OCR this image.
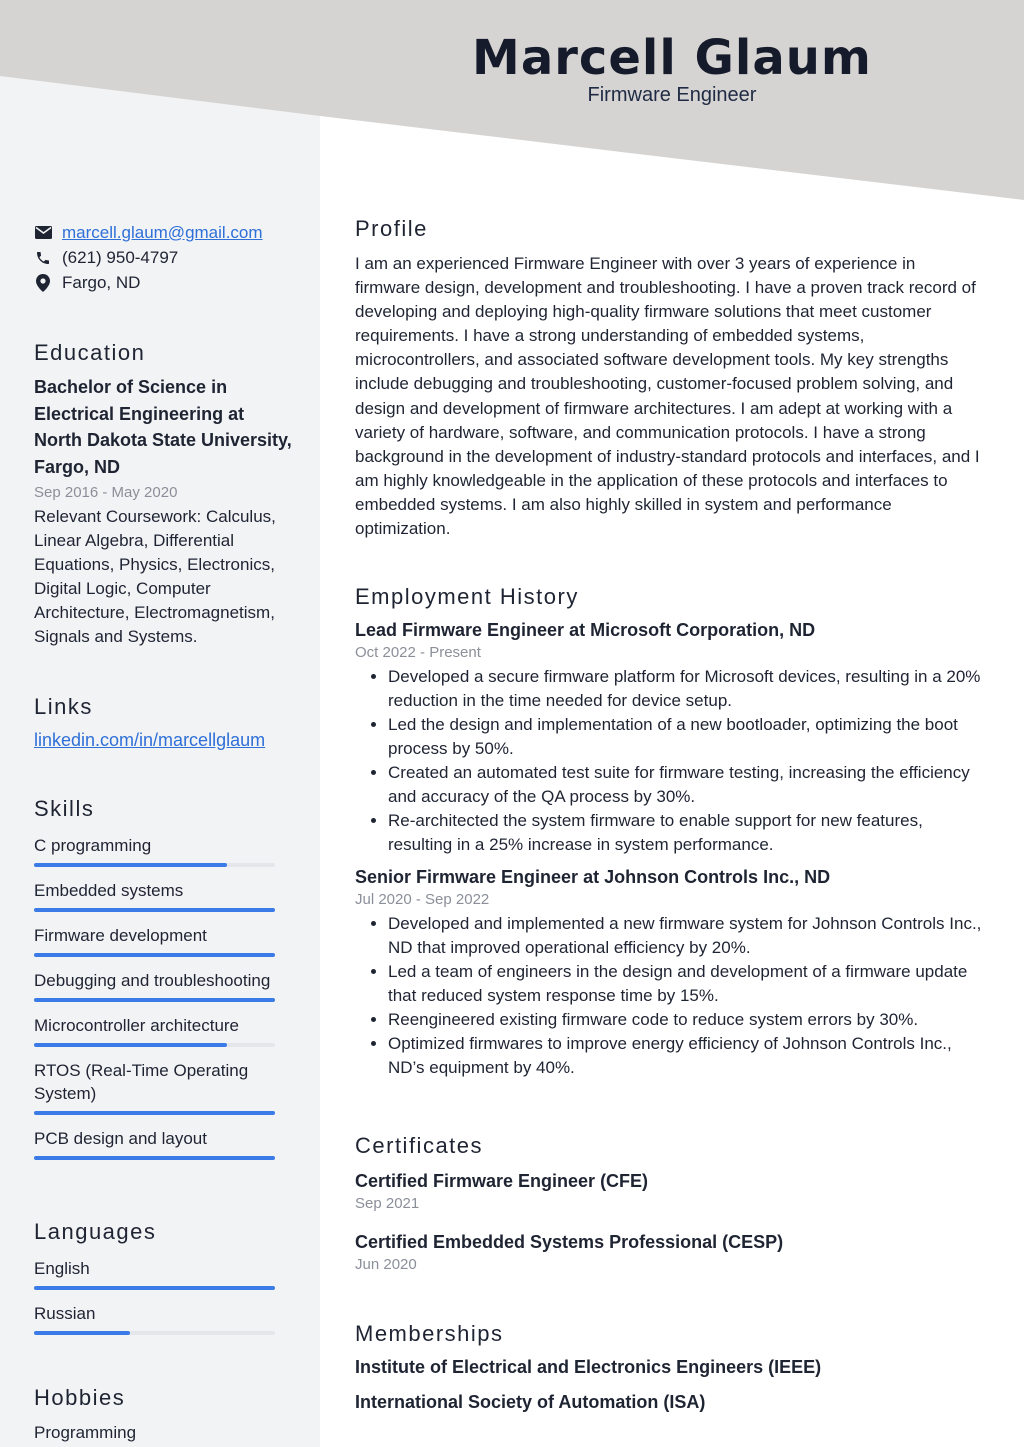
Marcell Glaum
Firmware Engineer
marcell.glaum@gmail.com
(621) 950-4797
Fargo, ND
Education
Bachelor of Science in Electrical Engineering at North Dakota State University, Fargo, ND
Sep 2016 - May 2020
Relevant Coursework: Calculus, Linear Algebra, Differential Equations, Physics, Electronics, Digital Logic, Computer Architecture, Electromagnetism, Signals and Systems.
Links
linkedin.com/in/marcellglaum
Skills
C programming
Embedded systems
Firmware development
Debugging and troubleshooting
Microcontroller architecture
RTOS (Real-Time Operating System)
PCB design and layout
Languages
English
Russian
Hobbies
Programming
Profile

I am an experienced Firmware Engineer with over 3 years of experience in firmware design, development and troubleshooting. I have a proven track record of developing and deploying high-quality firmware solutions that meet customer requirements. I have a strong understanding of embedded systems, microcontrollers, and associated software development tools. My key strengths include debugging and troubleshooting, customer-focused problem solving, and design and development of firmware architectures. I am adept at working with a variety of hardware, software, and communication protocols. I have a strong background in the development of industry-standard protocols and interfaces, and I am highly knowledgeable in the application of these protocols and interfaces to embedded systems. I am also highly skilled in system and performance optimization.

Employment History
Lead Firmware Engineer at Microsoft Corporation, ND
Oct 2022 - Present
• Developed a secure firmware platform for Microsoft devices, resulting in a 20% reduction in the time needed for device setup.
• Led the design and implementation of a new bootloader, optimizing the boot process by 50%.
• Created an automated test suite for firmware testing, increasing the efficiency and accuracy of the QA process by 30%.
• Re-architected the system firmware to enable support for new features, resulting in a 25% increase in system performance.
Senior Firmware Engineer at Johnson Controls Inc., ND
Jul 2020 - Sep 2022
• Developed and implemented a new firmware system for Johnson Controls Inc., ND that improved operational efficiency by 20%.
• Led a team of engineers in the design and development of a firmware update that reduced system response time by 15%.
• Reengineered existing firmware code to reduce system errors by 30%.
• Optimized firmwares to improve energy efficiency of Johnson Controls Inc., ND’s equipment by 40%.
Certificates
Certified Firmware Engineer (CFE)
Sep 2021
Certified Embedded Systems Professional (CESP)
Jun 2020
Memberships
Institute of Electrical and Electronics Engineers (IEEE)
International Society of Automation (ISA)
